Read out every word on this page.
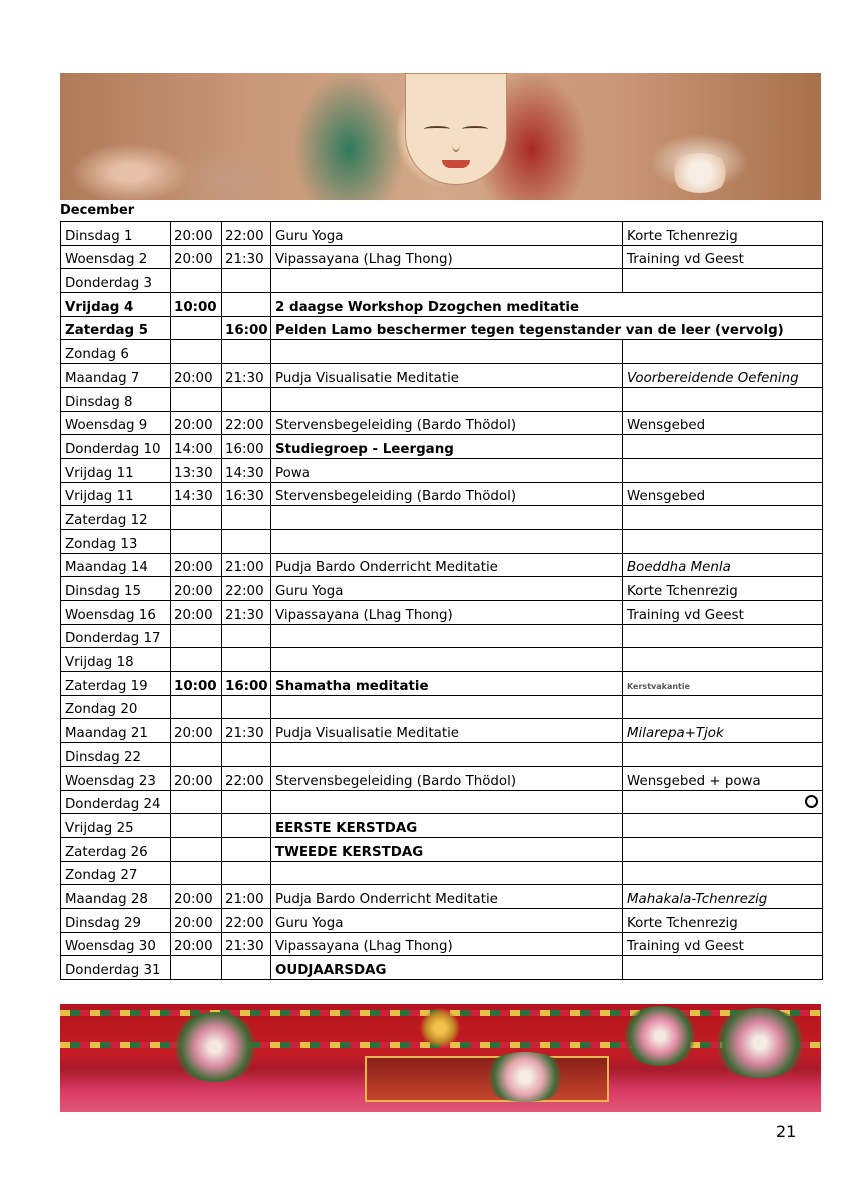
December
Dinsdag 1	20:00	22:00	Guru Yoga	Korte Tchenrezig
Woensdag 2	20:00	21:30	Vipassayana (Lhag Thong)	Training vd Geest
Donderdag 3				
Vrijdag 4	10:00		2 daagse Workshop Dzogchen meditatie	
Zaterdag 5		16:00	Pelden Lamo beschermer tegen tegenstander van de leer (vervolg)	
Zondag 6				
Maandag 7	20:00	21:30	Pudja Visualisatie Meditatie	Voorbereidende Oefening
Dinsdag 8				
Woensdag 9	20:00	22:00	Stervensbegeleiding (Bardo Thödol)	Wensgebed
Donderdag 10	14:00	16:00	Studiegroep - Leergang	
Vrijdag 11	13:30	14:30	Powa	
Vrijdag 11	14:30	16:30	Stervensbegeleiding (Bardo Thödol)	Wensgebed
Zaterdag 12				
Zondag 13				
Maandag 14	20:00	21:00	Pudja Bardo Onderricht Meditatie	Boeddha Menla
Dinsdag 15	20:00	22:00	Guru Yoga	Korte Tchenrezig
Woensdag 16	20:00	21:30	Vipassayana (Lhag Thong)	Training vd Geest
Donderdag 17				
Vrijdag 18				
Zaterdag 19	10:00	16:00	Shamatha meditatie	Kerstvakantie
Zondag 20				
Maandag 21	20:00	21:30	Pudja Visualisatie Meditatie	Milarepa+Tjok
Dinsdag 22				
Woensdag 23	20:00	22:00	Stervensbegeleiding (Bardo Thödol)	Wensgebed + powa
Donderdag 24				
Vrijdag 25			EERSTE KERSTDAG	
Zaterdag 26			TWEEDE KERSTDAG	
Zondag 27				
Maandag 28	20:00	21:00	Pudja Bardo Onderricht Meditatie	Mahakala-Tchenrezig
Dinsdag 29	20:00	22:00	Guru Yoga	Korte Tchenrezig
Woensdag 30	20:00	21:30	Vipassayana (Lhag Thong)	Training vd Geest
Donderdag 31			OUDJAARSDAG	
21
